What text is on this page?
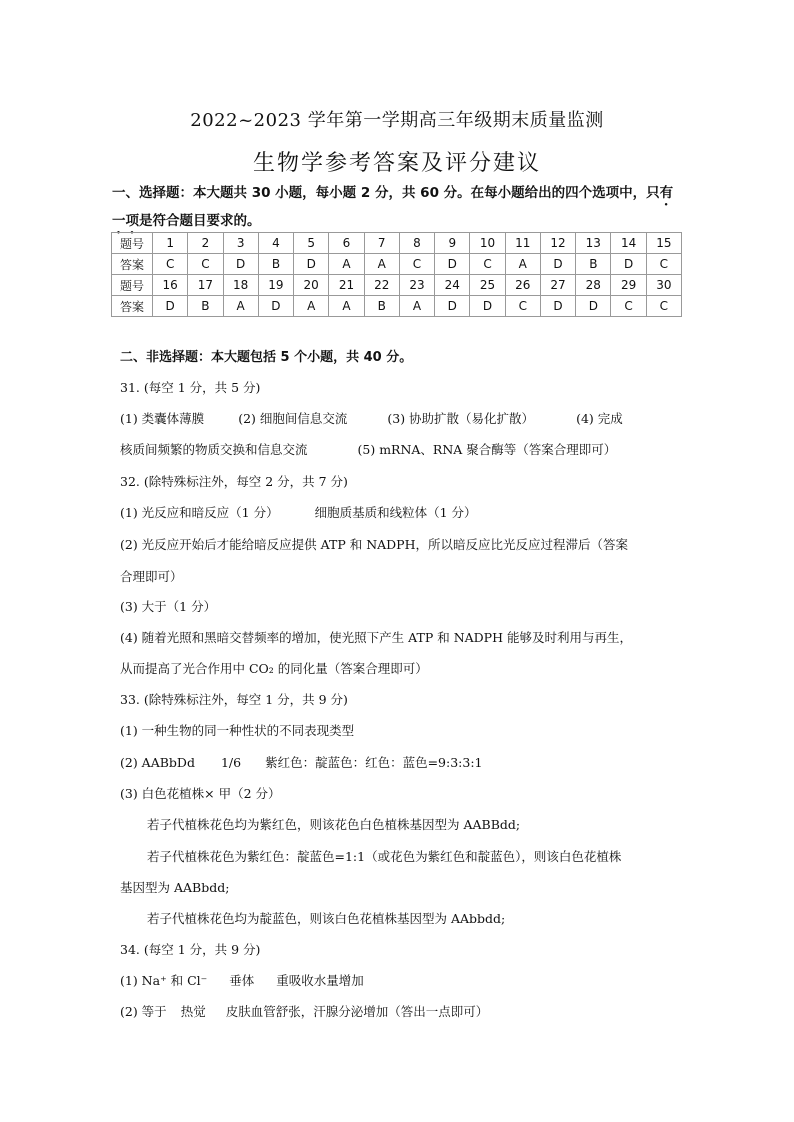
2022~2023 学年第一学期高三年级期末质量监测
生物学参考答案及评分建议
一、选择题：本大题共 30 小题，每小题 2 分，共 60 分。在每小题给出的四个选项中，只有一项是符合题目要求的。
题号	1	2	3	4	5	6	7	8	9	10	11	12	13	14	15
答案	C	C	D	B	D	A	A	C	D	C	A	D	B	D	C
题号	16	17	18	19	20	21	22	23	24	25	26	27	28	29	30
答案	D	B	A	D	A	A	B	A	D	D	C	D	D	C	C
二、非选择题：本大题包括 5 个小题，共 40 分。
31. (每空 1 分，共 5 分)
(1) 类囊体薄膜	(2) 细胞间信息交流	(3) 协助扩散（易化扩散）	(4) 完成
核质间频繁的物质交换和信息交流	(5) mRNA、RNA 聚合酶等（答案合理即可）
32. (除特殊标注外，每空 2 分，共 7 分)
(1) 光反应和暗反应（1 分）	细胞质基质和线粒体（1 分）
(2) 光反应开始后才能给暗反应提供 ATP 和 NADPH，所以暗反应比光反应过程滞后（答案
合理即可）
(3) 大于（1 分）
(4) 随着光照和黑暗交替频率的增加，使光照下产生 ATP 和 NADPH 能够及时利用与再生，
从而提高了光合作用中 CO₂ 的同化量（答案合理即可）
33. (除特殊标注外，每空 1 分，共 9 分)
(1) 一种生物的同一种性状的不同表现类型
(2) AABbDd 1/6 紫红色：靛蓝色：红色：蓝色=9:3:3:1
(3) 白色花植株× 甲（2 分）
若子代植株花色均为紫红色，则该花色白色植株基因型为 AABBdd;
若子代植株花色为紫红色：靛蓝色=1:1（或花色为紫红色和靛蓝色），则该白色花植株
基因型为 AABbdd;
若子代植株花色均为靛蓝色，则该白色花植株基因型为 AAbbdd;
34. (每空 1 分，共 9 分)
(1) Na⁺ 和 Cl⁻ 垂体 重吸收水量增加
(2) 等于 热觉 皮肤血管舒张，汗腺分泌增加（答出一点即可）
